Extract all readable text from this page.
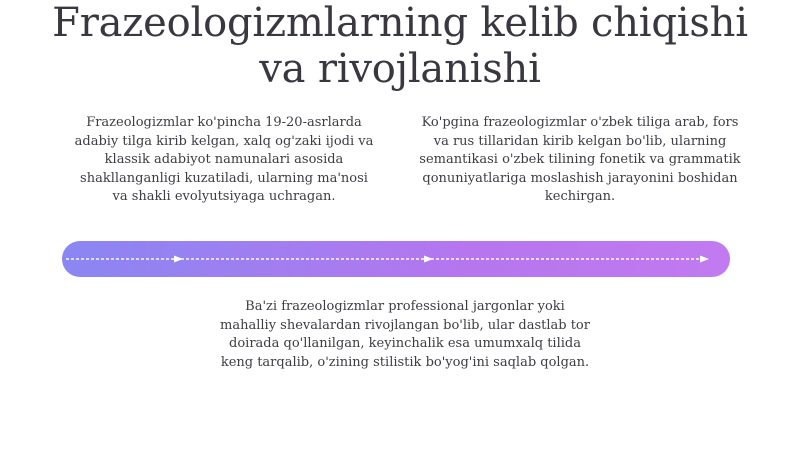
Frazeologizmlarning kelib chiqishi
va rivojlanishi

Frazeologizmlar ko'pincha 19-20-asrlarda adabiy tilga kirib kelgan, xalq og'zaki ijodi va klassik adabiyot namunalari asosida shakllanganligi kuzatiladi, ularning ma'nosi va shakli evolyutsiyaga uchragan.

Ko'pgina frazeologizmlar o'zbek tiliga arab, fors va rus tillaridan kirib kelgan bo'lib, ularning semantikasi o'zbek tilining fonetik va grammatik qonuniyatlariga moslashish jarayonini boshidan kechirgan.

Ba'zi frazeologizmlar professional jargonlar yoki mahalliy shevalardan rivojlangan bo'lib, ular dastlab tor doirada qo'llanilgan, keyinchalik esa umumxalq tilida keng tarqalib, o'zining stilistik bo'yog'ini saqlab qolgan.
